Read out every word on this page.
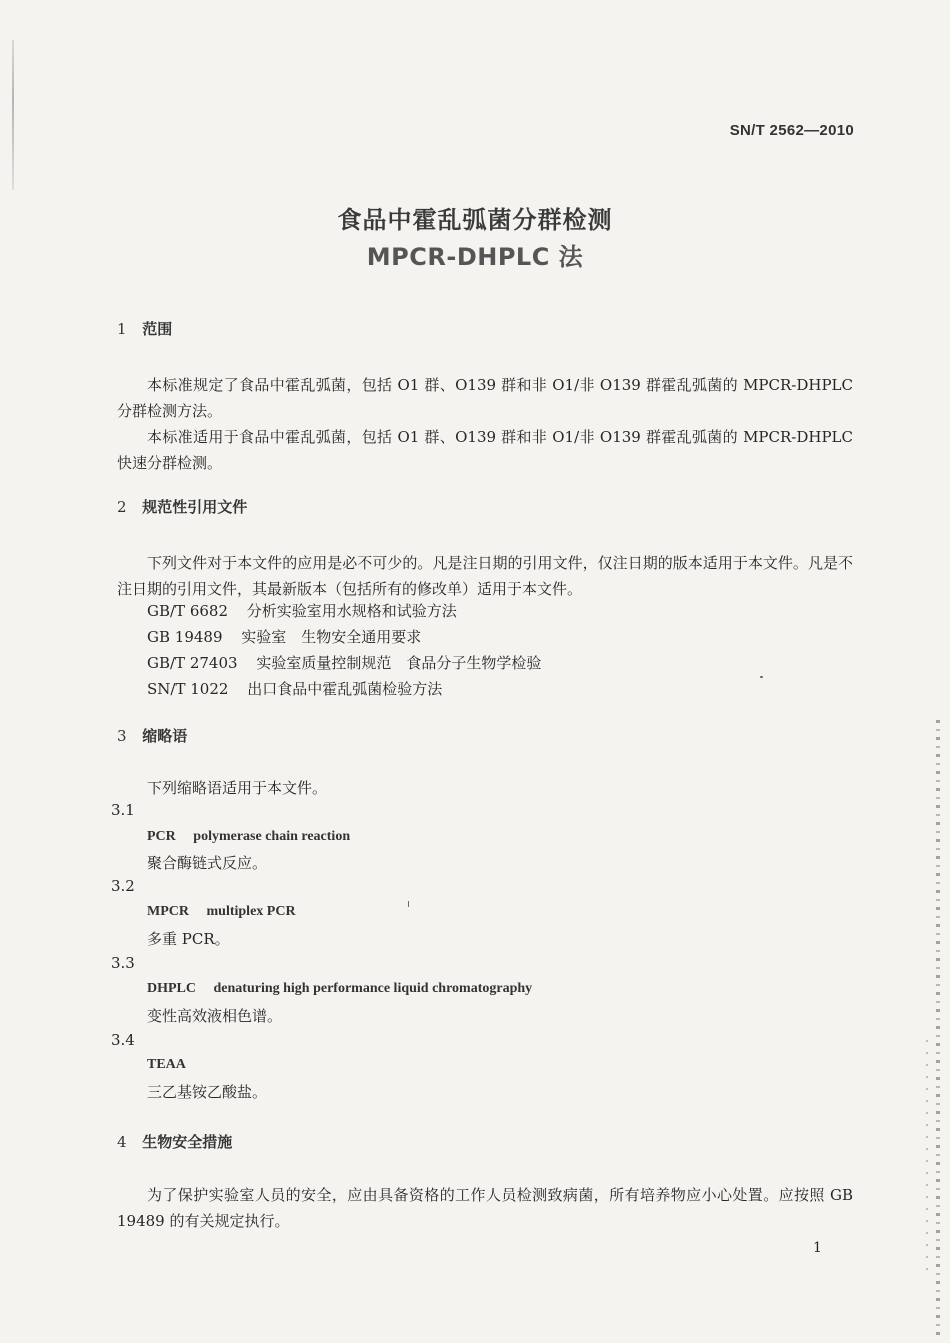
SN/T 2562—2010
食品中霍乱弧菌分群检测
MPCR-DHPLC 法
1 范围

本标准规定了食品中霍乱弧菌，包括 O1 群、O139 群和非 O1/非 O139 群霍乱弧菌的 MPCR-DHPLC 分群检测方法。

本标准适用于食品中霍乱弧菌，包括 O1 群、O139 群和非 O1/非 O139 群霍乱弧菌的 MPCR-DHPLC 快速分群检测。

2 规范性引用文件

下列文件对于本文件的应用是必不可少的。凡是注日期的引用文件，仅注日期的版本适用于本文件。凡是不注日期的引用文件，其最新版本（包括所有的修改单）适用于本文件。

GB/T 6682 分析实验室用水规格和试验方法
GB 19489 实验室　生物安全通用要求
GB/T 27403 实验室质量控制规范　食品分子生物学检验
SN/T 1022 出口食品中霍乱弧菌检验方法
3 缩略语
下列缩略语适用于本文件。
3.1
PCR polymerase chain reaction
聚合酶链式反应。
3.2
MPCR multiplex PCR
多重 PCR。
3.3
DHPLC denaturing high performance liquid chromatography
变性高效液相色谱。
3.4
TEAA
三乙基铵乙酸盐。
4 生物安全措施

为了保护实验室人员的安全，应由具备资格的工作人员检测致病菌，所有培养物应小心处置。应按照 GB 19489 的有关规定执行。

1
